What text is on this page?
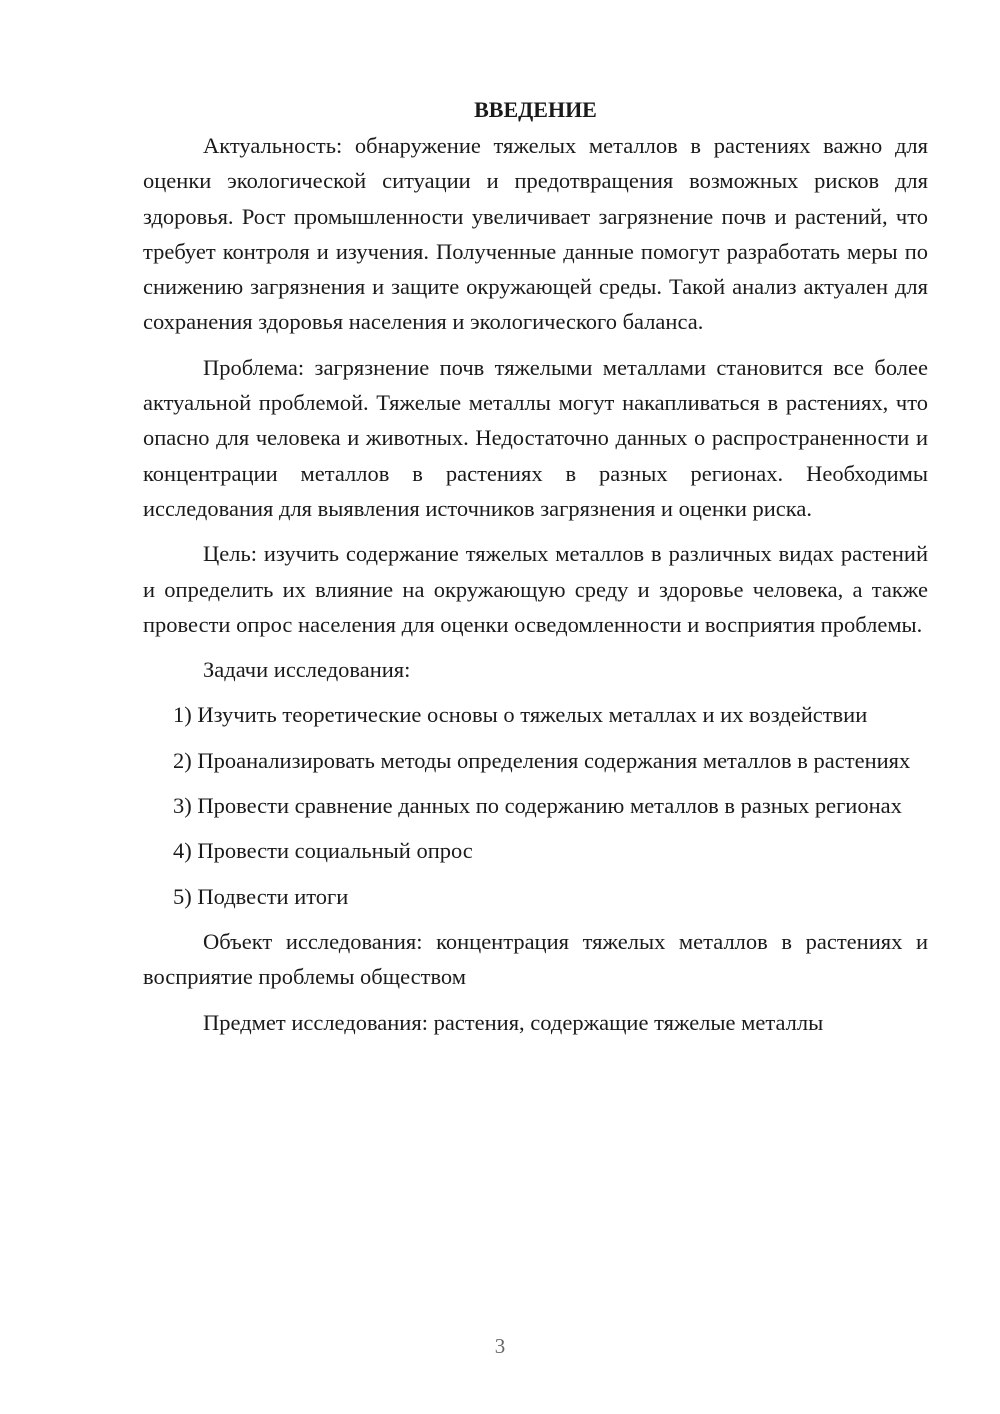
ВВЕДЕНИЕ

Актуальность: обнаружение тяжелых металлов в растениях важно для оценки экологической ситуации и предотвращения возможных рисков для здоровья. Рост промышленности увеличивает загрязнение почв и растений, что требует контроля и изучения. Полученные данные помогут разработать меры по снижению загрязнения и защите окружающей среды. Такой анализ актуален для сохранения здоровья населения и экологического баланса.

Проблема: загрязнение почв тяжелыми металлами становится все более актуальной проблемой. Тяжелые металлы могут накапливаться в растениях, что опасно для человека и животных. Недостаточно данных о распространенности и концентрации металлов в растениях в разных регионах. Необходимы исследования для выявления источников загрязнения и оценки риска.

Цель: изучить содержание тяжелых металлов в различных видах растений и определить их влияние на окружающую среду и здоровье человека, а также провести опрос населения для оценки осведомленности и восприятия проблемы.

Задачи исследования:

1) Изучить теоретические основы о тяжелых металлах и их воздействии

2) Проанализировать методы определения содержания металлов в растениях

3) Провести сравнение данных по содержанию металлов в разных регионах

4) Провести социальный опрос

5) Подвести итоги

Объект исследования: концентрация тяжелых металлов в растениях и восприятие проблемы обществом

Предмет исследования: растения, содержащие тяжелые металлы

3
